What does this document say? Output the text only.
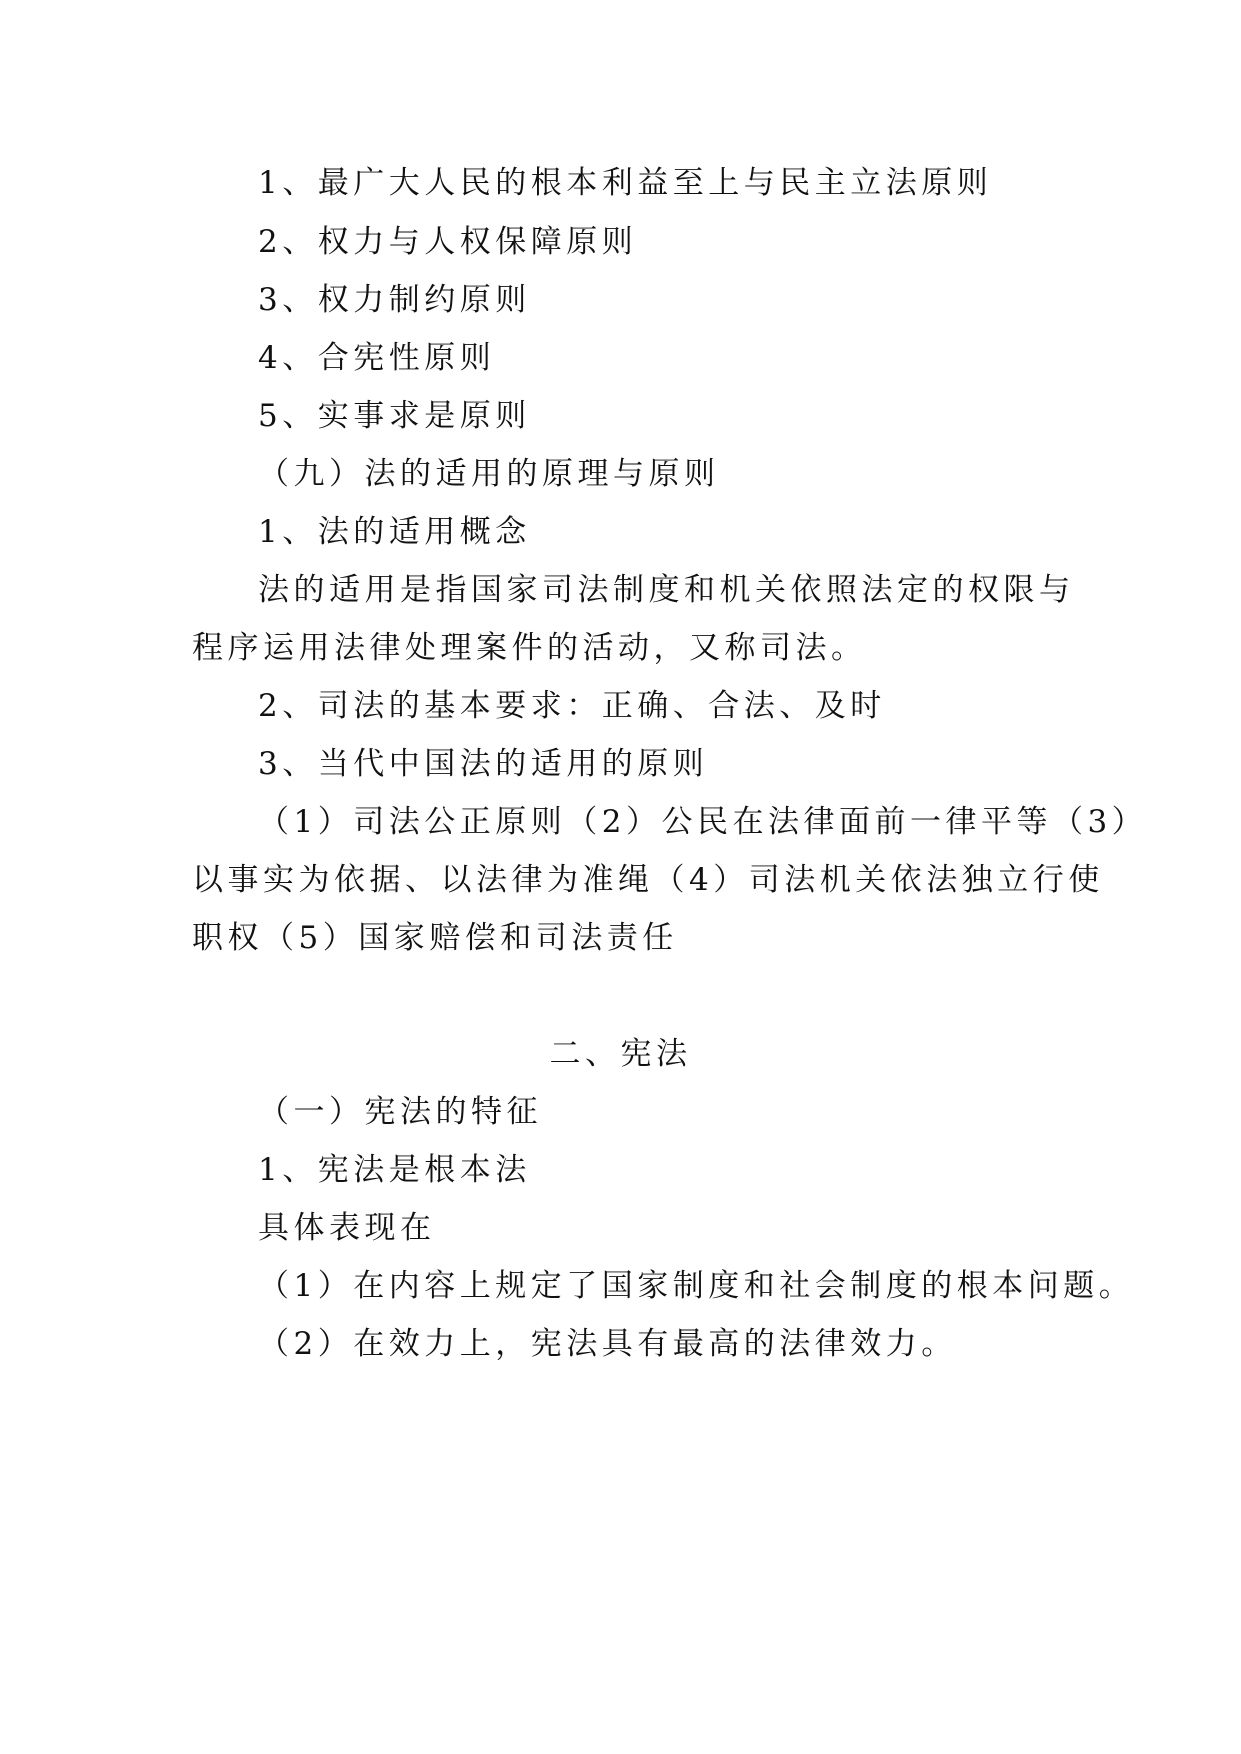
1、最广大人民的根本利益至上与民主立法原则
2、权力与人权保障原则
3、权力制约原则
4、合宪性原则
5、实事求是原则
（九）法的适用的原理与原则
1、法的适用概念
法的适用是指国家司法制度和机关依照法定的权限与
程序运用法律处理案件的活动，又称司法。
2、司法的基本要求：正确、合法、及时
3、当代中国法的适用的原则
（1）司法公正原则（2）公民在法律面前一律平等（3）
以事实为依据、以法律为准绳（4）司法机关依法独立行使
职权（5）国家赔偿和司法责任
二、宪法
（一）宪法的特征
1、宪法是根本法
具体表现在
（1）在内容上规定了国家制度和社会制度的根本问题。
（2）在效力上，宪法具有最高的法律效力。
